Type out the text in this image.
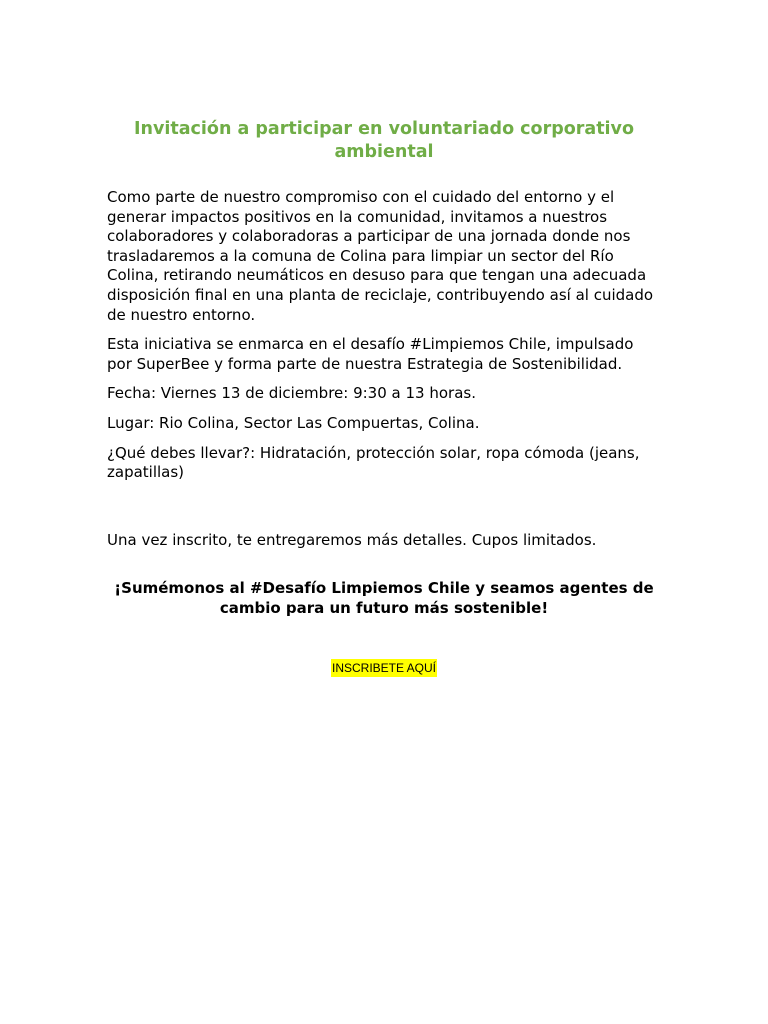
Invitación a participar en voluntariado corporativo ambiental

Como parte de nuestro compromiso con el cuidado del entorno y el generar impactos positivos en la comunidad, invitamos a nuestros colaboradores y colaboradoras a participar de una jornada donde nos trasladaremos a la comuna de Colina para limpiar un sector del Río Colina, retirando neumáticos en desuso para que tengan una adecuada disposición final en una planta de reciclaje, contribuyendo así al cuidado de nuestro entorno.

Esta iniciativa se enmarca en el desafío #Limpiemos Chile, impulsado por SuperBee y forma parte de nuestra Estrategia de Sostenibilidad.

Fecha: Viernes 13 de diciembre: 9:30 a 13 horas.

Lugar: Rio Colina, Sector Las Compuertas, Colina.

¿Qué debes llevar?: Hidratación, protección solar, ropa cómoda (jeans, zapatillas)

Una vez inscrito, te entregaremos más detalles. Cupos limitados.

¡Sumémonos al #Desafío Limpiemos Chile y seamos agentes de cambio para un futuro más sostenible!

INSCRIBETE AQUÍ
